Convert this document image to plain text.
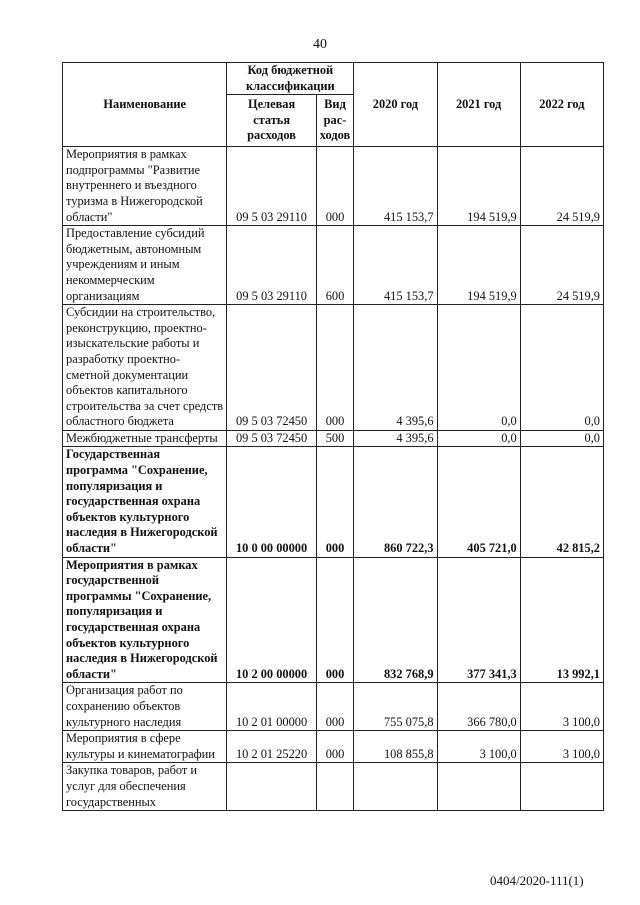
40
Наименование	Код бюджетной классификации		2020 год	2021 год	2022 год
	Целевая статья расходов	Вид рас-ходов			
Мероприятия в рамках подпрограммы "Развитие внутреннего и въездного туризма в Нижегородской области"	09 5 03 29110	000	415 153,7	194 519,9	24 519,9
Предоставление субсидий бюджетным, автономным учреждениям и иным некоммерческим организациям	09 5 03 29110	600	415 153,7	194 519,9	24 519,9
Субсидии на строительство, реконструкцию, проектно-изыскательские работы и разработку проектно-сметной документации объектов капитального строительства за счет средств областного бюджета	09 5 03 72450	000	4 395,6	0,0	0,0
Межбюджетные трансферты	09 5 03 72450	500	4 395,6	0,0	0,0
Государственная программа "Сохранение, популяризация и государственная охрана объектов культурного наследия в Нижегородской области"	10 0 00 00000	000	860 722,3	405 721,0	42 815,2
Мероприятия в рамках государственной программы "Сохранение, популяризация и государственная охрана объектов культурного наследия в Нижегородской области"	10 2 00 00000	000	832 768,9	377 341,3	13 992,1
Организация работ по сохранению объектов культурного наследия	10 2 01 00000	000	755 075,8	366 780,0	3 100,0
Мероприятия в сфере культуры и кинематографии	10 2 01 25220	000	108 855,8	3 100,0	3 100,0
Закупка товаров, работ и услуг для обеспечения государственных					
0404/2020-111(1)
